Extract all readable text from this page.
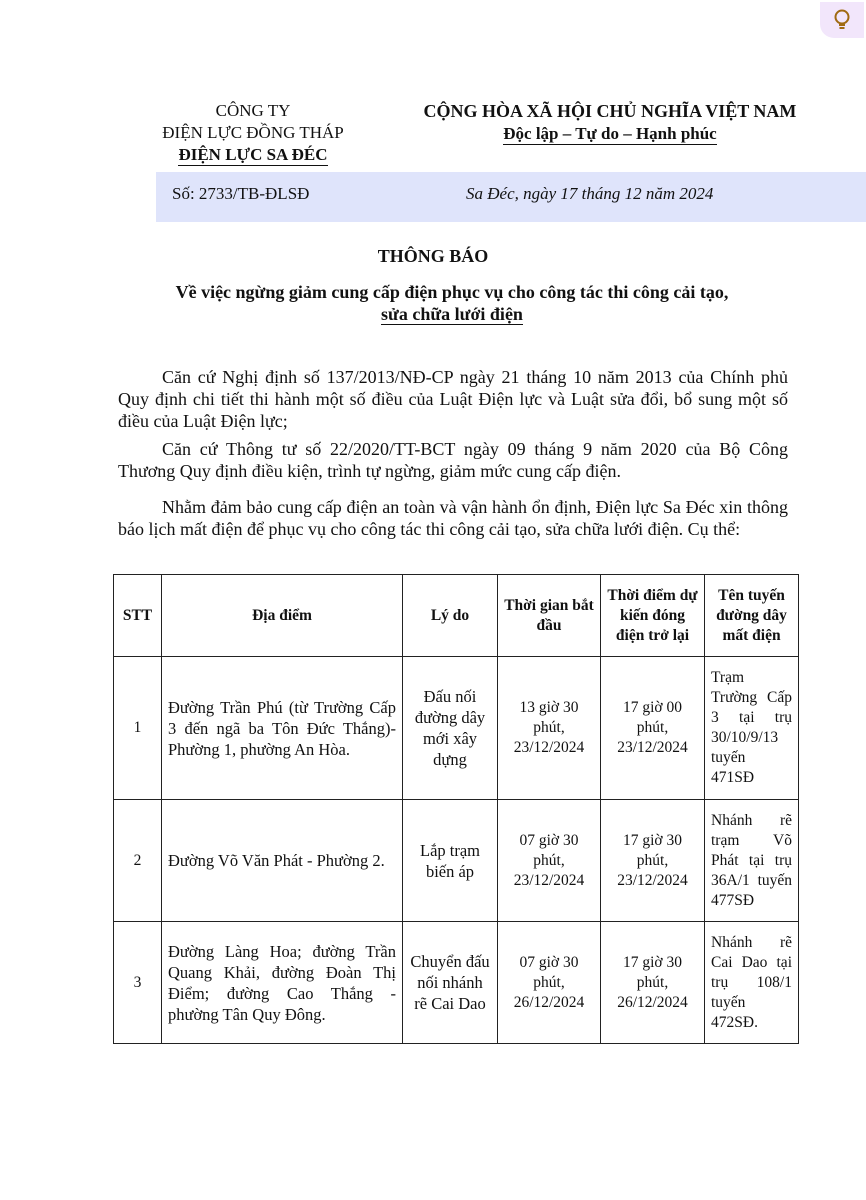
CÔNG TY
ĐIỆN LỰC ĐỒNG THÁP
ĐIỆN LỰC SA ĐÉC
CỘNG HÒA XÃ HỘI CHỦ NGHĨA VIỆT NAM
Độc lập – Tự do – Hạnh phúc
Số: 2733/TB-ĐLSĐ	Sa Đéc, ngày 17 tháng 12 năm 2024
THÔNG BÁO
Về việc ngừng giảm cung cấp điện phục vụ cho công tác thi công cải tạo,
sửa chữa lưới điện
Căn cứ Nghị định số 137/2013/NĐ-CP ngày 21 tháng 10 năm 2013 của Chính phủ Quy định chi tiết thi hành một số điều của Luật Điện lực và Luật sửa đổi, bổ sung một số điều của Luật Điện lực;
Căn cứ Thông tư số 22/2020/TT-BCT ngày 09 tháng 9 năm 2020 của Bộ Công Thương Quy định điều kiện, trình tự ngừng, giảm mức cung cấp điện.
Nhằm đảm bảo cung cấp điện an toàn và vận hành ổn định, Điện lực Sa Đéc xin thông báo lịch mất điện để phục vụ cho công tác thi công cải tạo, sửa chữa lưới điện. Cụ thể:
STT	Địa điểm	Lý do	Thời gian bắt đầu	Thời điểm dự kiến đóng điện trở lại	Tên tuyến đường dây mất điện
1	Đường Trần Phú (từ Trường Cấp 3 đến ngã ba Tôn Đức Thắng)- Phường 1, phường An Hòa.	Đấu nối đường dây mới xây dựng	13 giờ 30 phút, 23/12/2024	17 giờ 00 phút, 23/12/2024	Trạm Trường Cấp 3 tại trụ 30/10/9/13 tuyến 471SĐ
2	Đường Võ Văn Phát - Phường 2.	Lắp trạm biến áp	07 giờ 30 phút, 23/12/2024	17 giờ 30 phút, 23/12/2024	Nhánh rẽ trạm Võ Phát tại trụ 36A/1 tuyến 477SĐ
3	Đường Làng Hoa; đường Trần Quang Khải, đường Đoàn Thị Điểm; đường Cao Thắng - phường Tân Quy Đông.	Chuyển đấu nối nhánh rẽ Cai Dao	07 giờ 30 phút, 26/12/2024	17 giờ 30 phút, 26/12/2024	Nhánh rẽ Cai Dao tại trụ 108/1 tuyến 472SĐ.
